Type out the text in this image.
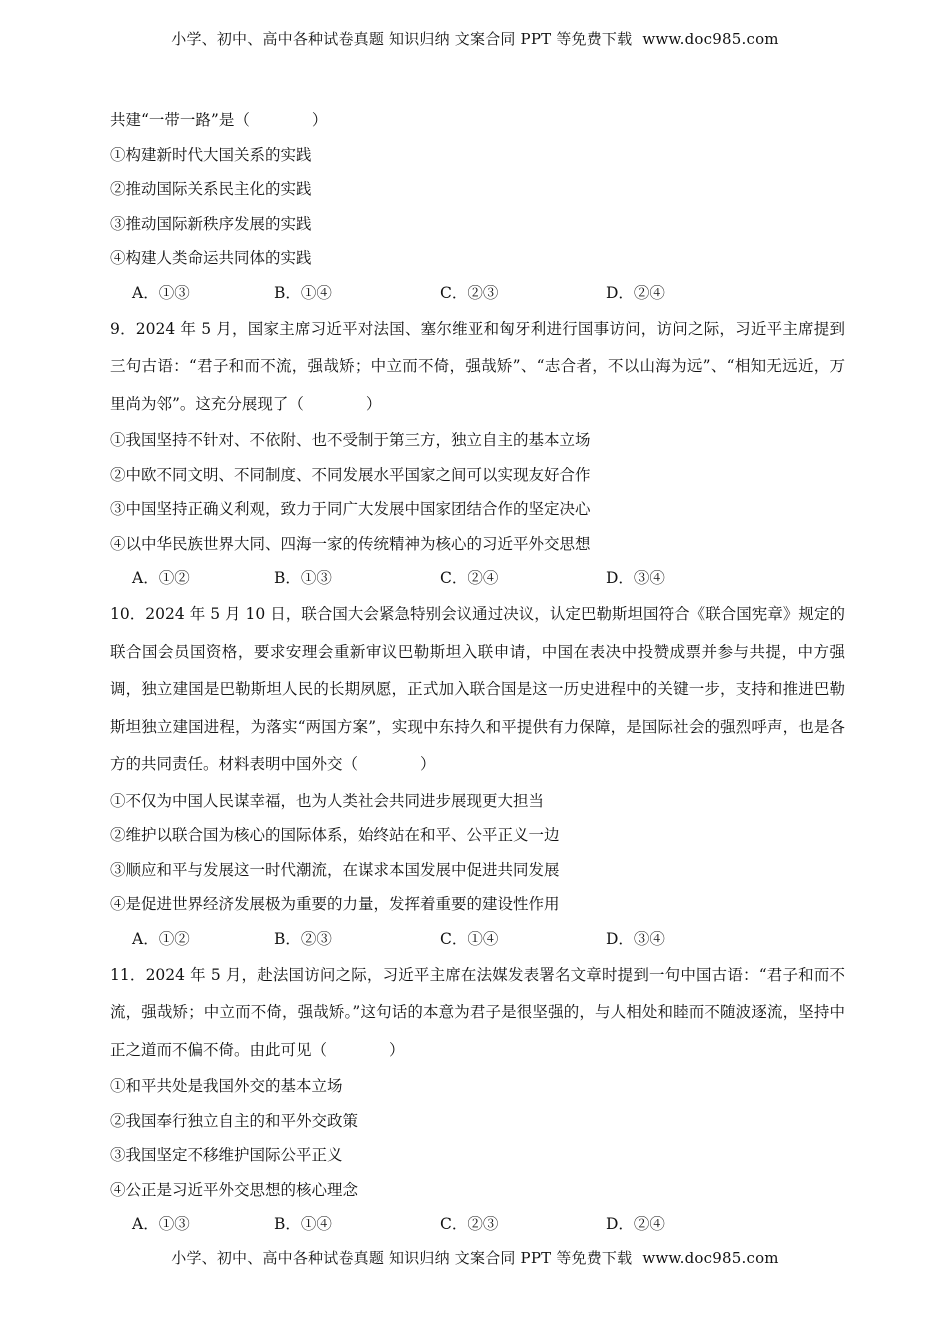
小学、初中、高中各种试卷真题 知识归纳 文案合同 PPT 等免费下载 www.doc985.com
共建“一带一路”是（　　　　）
①构建新时代大国关系的实践
②推动国际关系民主化的实践
③推动国际新秩序发展的实践
④构建人类命运共同体的实践
A．①③	B．①④	C．②③	D．②④
9．2024 年 5 月，国家主席习近平对法国、塞尔维亚和匈牙利进行国事访问，访问之际，习近平主席提到三句古语：“君子和而不流，强哉矫；中立而不倚，强哉矫”、“志合者，不以山海为远”、“相知无远近，万里尚为邻”。这充分展现了（　　　　）
①我国坚持不针对、不依附、也不受制于第三方，独立自主的基本立场
②中欧不同文明、不同制度、不同发展水平国家之间可以实现友好合作
③中国坚持正确义利观，致力于同广大发展中国家团结合作的坚定决心
④以中华民族世界大同、四海一家的传统精神为核心的习近平外交思想
A．①②	B．①③	C．②④	D．③④
10．2024 年 5 月 10 日，联合国大会紧急特别会议通过决议，认定巴勒斯坦国符合《联合国宪章》规定的联合国会员国资格，要求安理会重新审议巴勒斯坦入联申请，中国在表决中投赞成票并参与共提，中方强调，独立建国是巴勒斯坦人民的长期夙愿，正式加入联合国是这一历史进程中的关键一步，支持和推进巴勒斯坦独立建国进程，为落实“两国方案”，实现中东持久和平提供有力保障，是国际社会的强烈呼声，也是各方的共同责任。材料表明中国外交（　　　　）
①不仅为中国人民谋幸福，也为人类社会共同进步展现更大担当
②维护以联合国为核心的国际体系，始终站在和平、公平正义一边
③顺应和平与发展这一时代潮流，在谋求本国发展中促进共同发展
④是促进世界经济发展极为重要的力量，发挥着重要的建设性作用
A．①②	B．②③	C．①④	D．③④
11．2024 年 5 月，赴法国访问之际，习近平主席在法媒发表署名文章时提到一句中国古语：“君子和而不流，强哉矫；中立而不倚，强哉矫。”这句话的本意为君子是很坚强的，与人相处和睦而不随波逐流，坚持中正之道而不偏不倚。由此可见（　　　　）
①和平共处是我国外交的基本立场
②我国奉行独立自主的和平外交政策
③我国坚定不移维护国际公平正义
④公正是习近平外交思想的核心理念
A．①③	B．①④	C．②③	D．②④
小学、初中、高中各种试卷真题 知识归纳 文案合同 PPT 等免费下载 www.doc985.com
